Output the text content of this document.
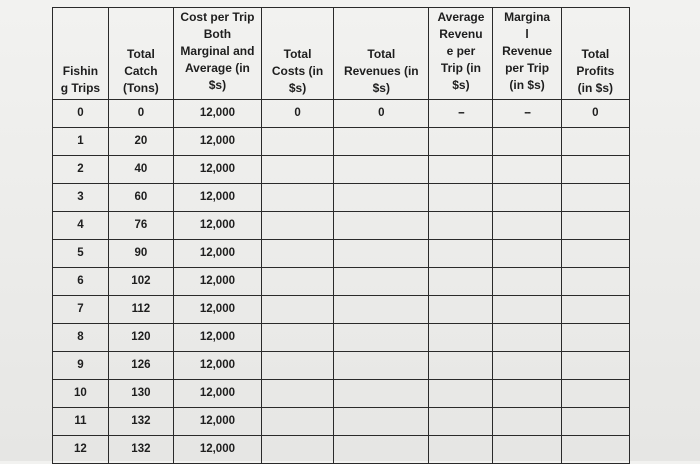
Fishin
g Trips	Total
Catch
(Tons)	Cost per Trip
Both
Marginal and
Average (in
$s)	Total
Costs (in
$s)	Total
Revenues (in
$s)	Average
Revenu
e per
Trip (in
$s)	Margina
l
Revenue
per Trip
(in $s)	Total
Profits
(in $s)
0	0	12,000	0	0	--	--	0
1	20	12,000					
2	40	12,000					
3	60	12,000					
4	76	12,000					
5	90	12,000					
6	102	12,000					
7	112	12,000					
8	120	12,000					
9	126	12,000					
10	130	12,000					
11	132	12,000					
12	132	12,000					
